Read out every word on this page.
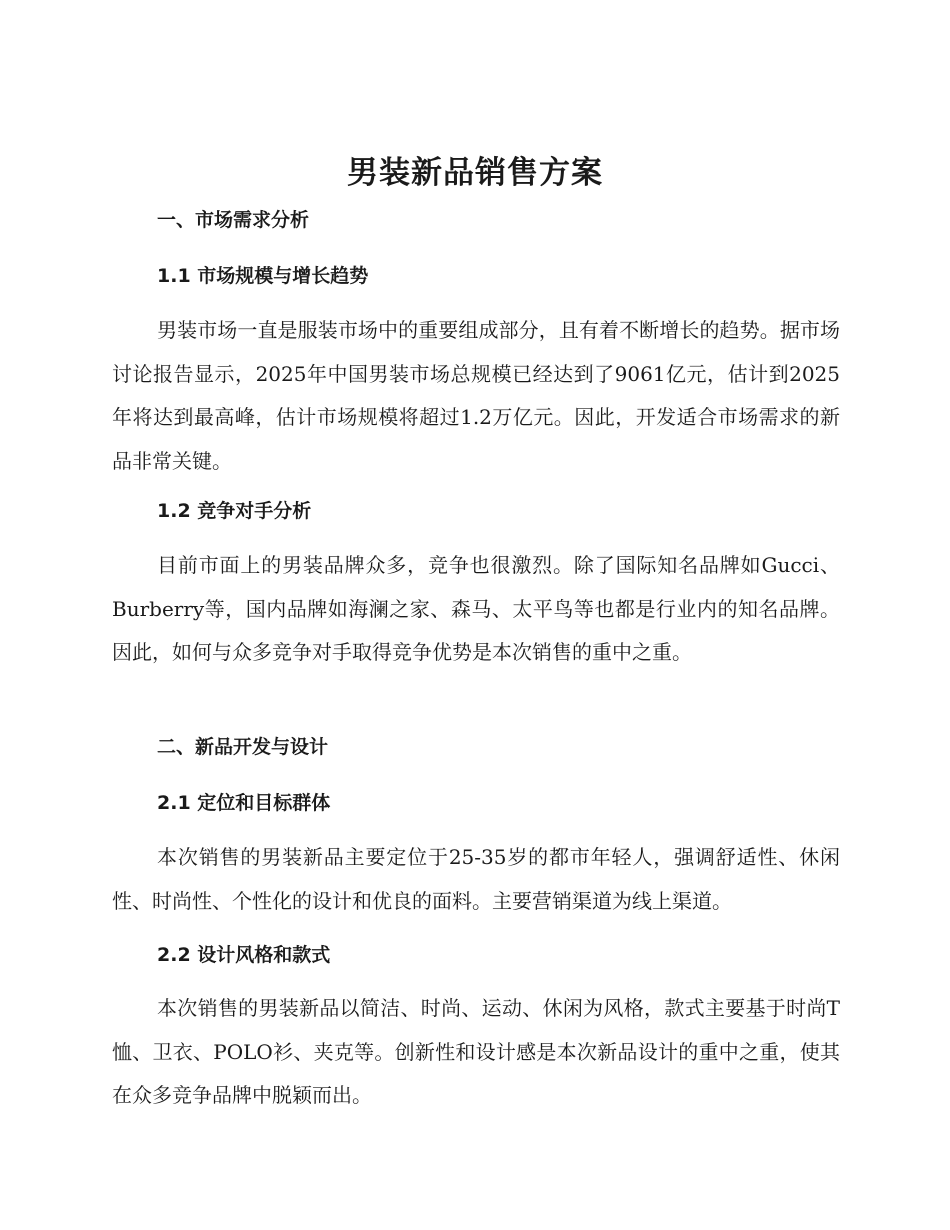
男装新品销售方案
一、市场需求分析
1.1 市场规模与增长趋势

男装市场一直是服装市场中的重要组成部分，且有着不断增长的趋势。据市场讨论报告显示，2025年中国男装市场总规模已经达到了9061亿元，估计到2025年将达到最高峰，估计市场规模将超过1.2万亿元。因此，开发适合市场需求的新品非常关键。

1.2 竞争对手分析

目前市面上的男装品牌众多，竞争也很激烈。除了国际知名品牌如Gucci、Burberry等，国内品牌如海澜之家、森马、太平鸟等也都是行业内的知名品牌。因此，如何与众多竞争对手取得竞争优势是本次销售的重中之重。

二、新品开发与设计
2.1 定位和目标群体

本次销售的男装新品主要定位于25-35岁的都市年轻人，强调舒适性、休闲性、时尚性、个性化的设计和优良的面料。主要营销渠道为线上渠道。

2.2 设计风格和款式

本次销售的男装新品以简洁、时尚、运动、休闲为风格，款式主要基于时尚T恤、卫衣、POLO衫、夹克等。创新性和设计感是本次新品设计的重中之重，使其在众多竞争品牌中脱颖而出。
